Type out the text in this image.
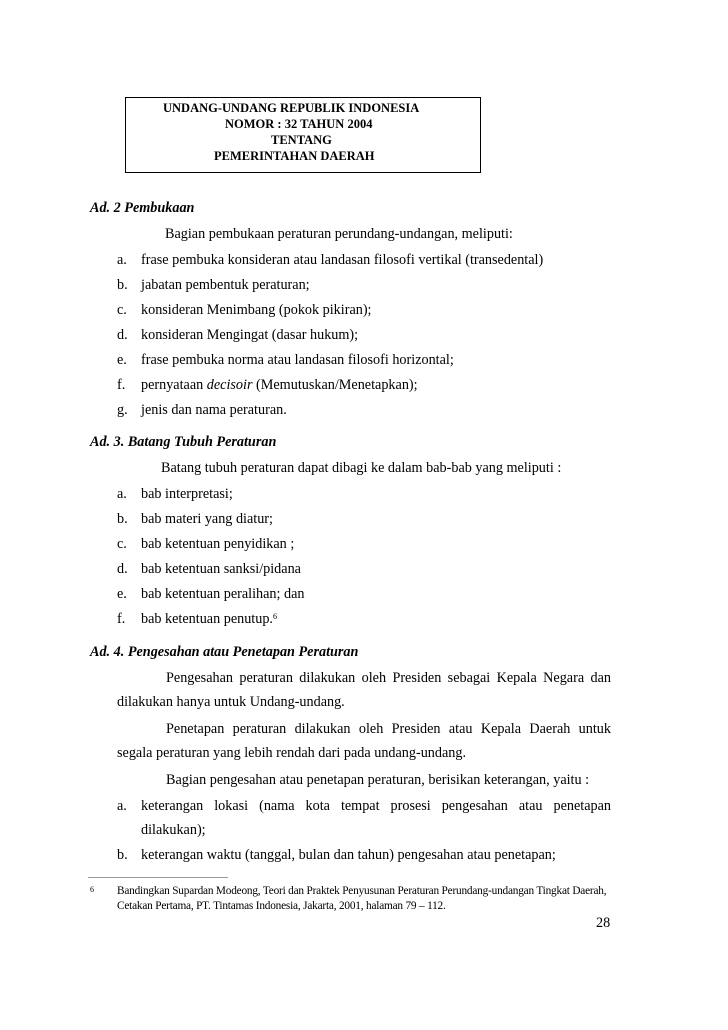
UNDANG-UNDANG REPUBLIK INDONESIA
NOMOR : 32 TAHUN 2004
TENTANG
PEMERINTAHAN DAERAH
Ad. 2 Pembukaan
Bagian pembukaan peraturan perundang-undangan, meliputi:
a. frase pembuka konsideran atau landasan filosofi vertikal (transedental)
b. jabatan pembentuk peraturan;
c. konsideran Menimbang (pokok pikiran);
d. konsideran Mengingat (dasar hukum);
e. frase pembuka norma atau landasan filosofi horizontal;
f. pernyataan decisoir (Memutuskan/Menetapkan);
g. jenis dan nama peraturan.
Ad. 3. Batang Tubuh Peraturan
Batang tubuh peraturan dapat dibagi ke dalam bab-bab yang meliputi :
a. bab interpretasi;
b. bab materi yang diatur;
c. bab ketentuan penyidikan ;
d. bab ketentuan sanksi/pidana
e. bab ketentuan peralihan; dan
f. bab ketentuan penutup.$^6$
Ad. 4. Pengesahan atau Penetapan Peraturan
Pengesahan peraturan dilakukan oleh Presiden sebagai Kepala Negara dan
dilakukan hanya untuk Undang-undang.
Penetapan peraturan dilakukan oleh Presiden atau Kepala Daerah untuk
segala peraturan yang lebih rendah dari pada undang-undang.
Bagian pengesahan atau penetapan peraturan, berisikan keterangan, yaitu :
a. keterangan lokasi (nama kota tempat prosesi pengesahan atau penetapan
dilakukan);
b. keterangan waktu (tanggal, bulan dan tahun) pengesahan atau penetapan;
6 Bandingkan Supardan Modeong, Teori dan Praktek Penyusunan Peraturan Perundang-undangan Tingkat Daerah,
Cetakan Pertama, PT. Tintamas Indonesia, Jakarta, 2001, halaman 79 – 112.
28
